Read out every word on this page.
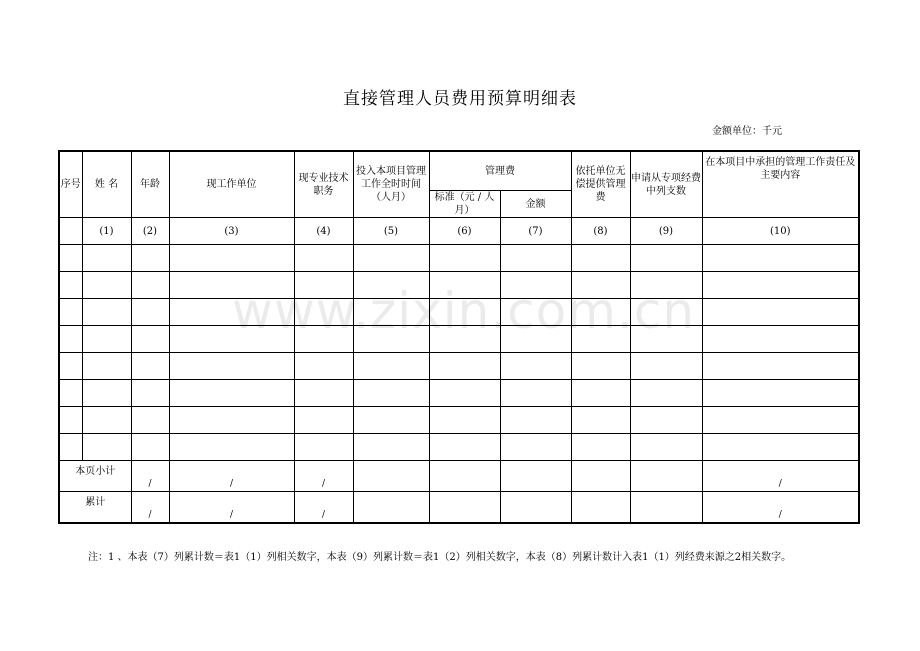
直接管理人员费用预算明细表
金额单位：千元
序号	姓 名	年龄	现工作单位	现专业技术职务	投入本项目管理工作全时时间（人月）	管理费		依托单位无偿提供管理费	申请从专项经费中列支数	在本项目中承担的管理工作责任及主要内容
						标准（元 / 人月）	金额			
	(1)	(2)	(3)	(4)	(5)	(6)	(7)	(8)	(9)	(10)

本页小计		/	/	/						/
累计		/	/	/						/
www.zixin.com.cn
注：1 、本表（7）列累计数＝表1（1）列相关数字，本表（9）列累计数＝表1（2）列相关数字，本表（8）列累计数计入表1（1）列经费来源之2相关数字。
